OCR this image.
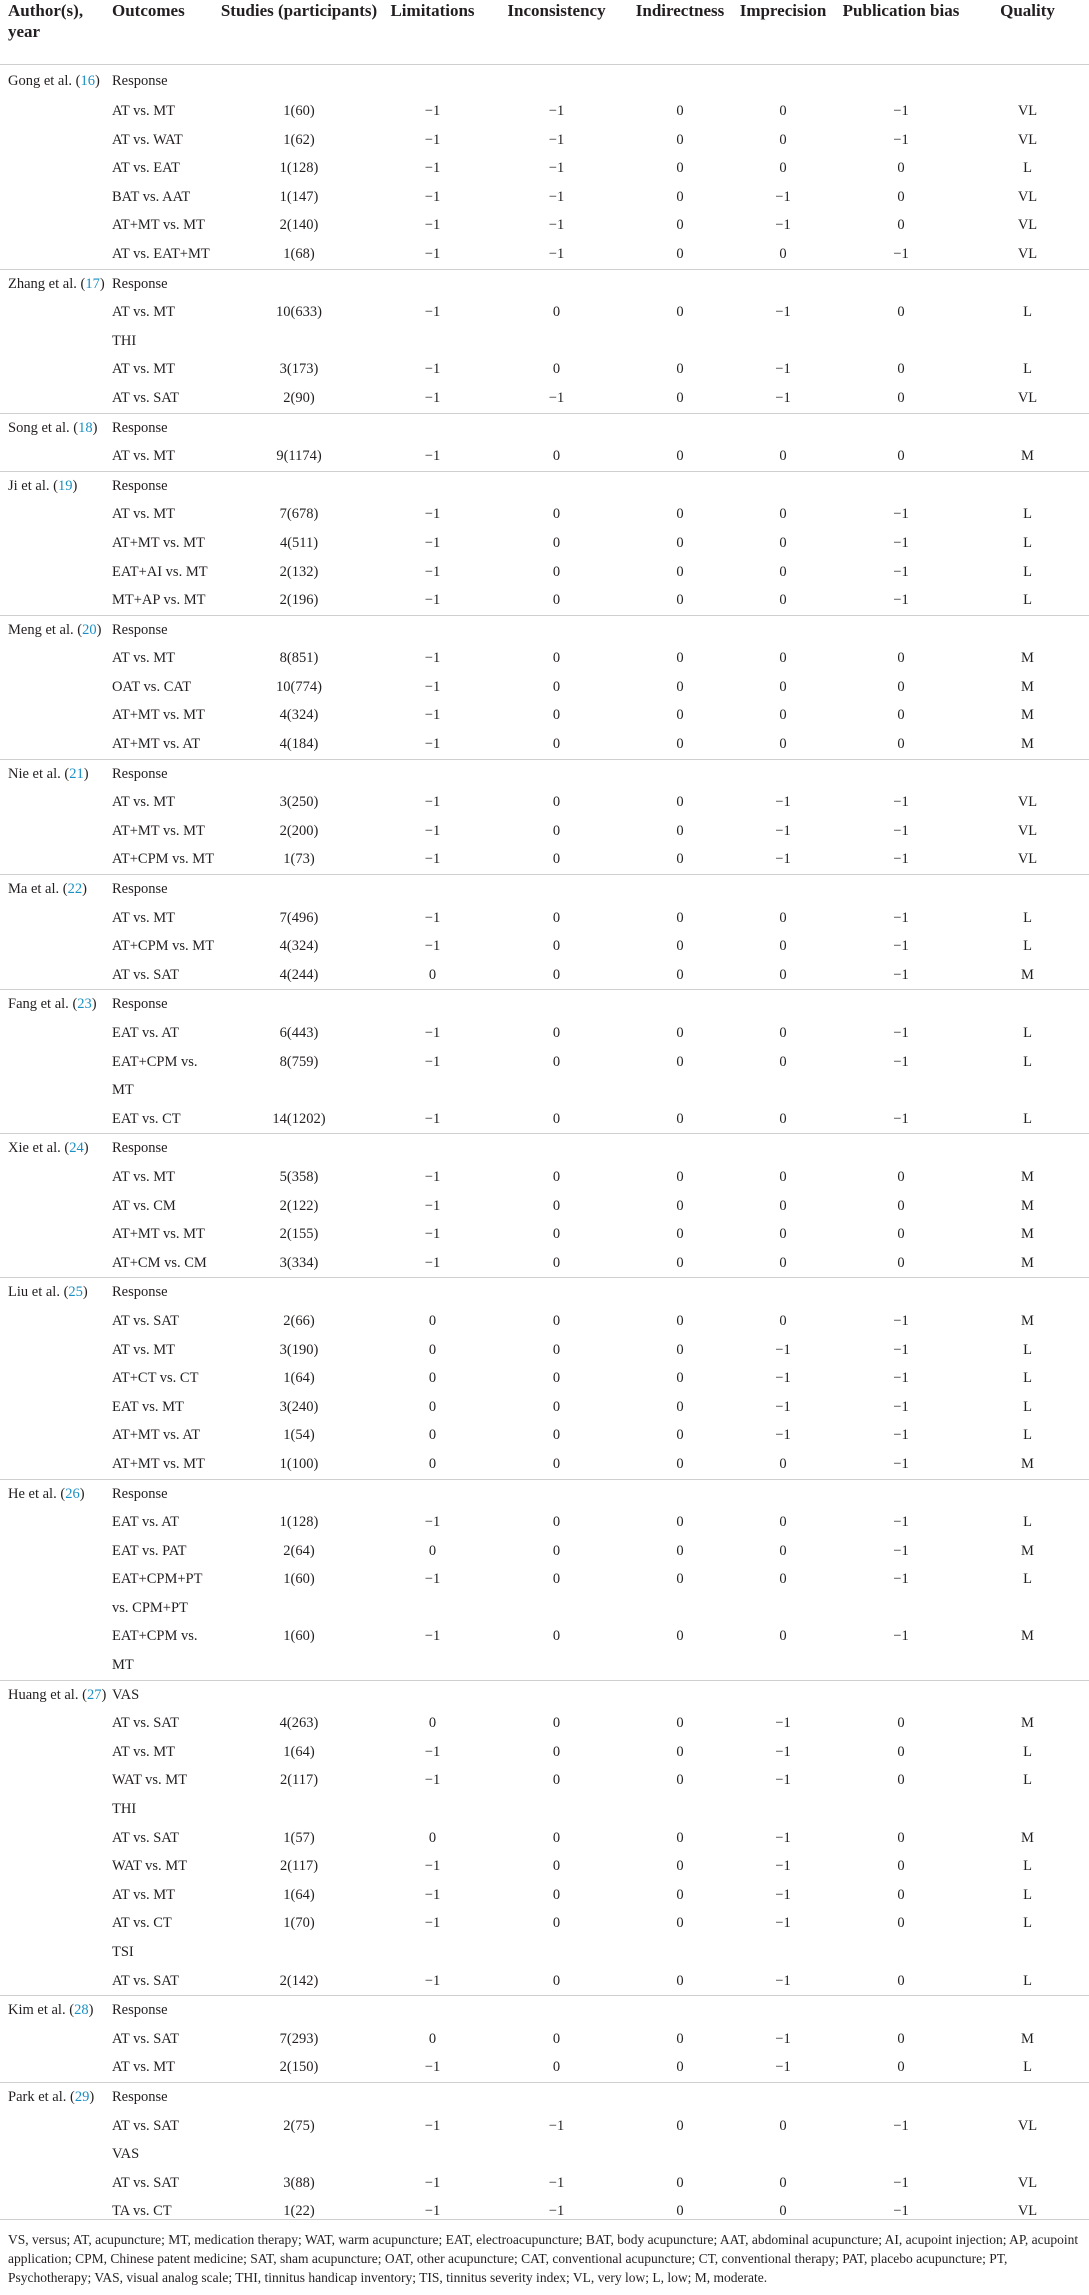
Author(s), year	Outcomes	Studies (participants)	Limitations	Inconsistency	Indirectness	Imprecision	Publication bias	Quality
Gong et al. (16)	Response							
	AT vs. MT	1(60)	−1	−1	0	0	−1	VL
	AT vs. WAT	1(62)	−1	−1	0	0	−1	VL
	AT vs. EAT	1(128)	−1	−1	0	0	0	L
	BAT vs. AAT	1(147)	−1	−1	0	−1	0	VL
	AT+MT vs. MT	2(140)	−1	−1	0	−1	0	VL
	AT vs. EAT+MT	1(68)	−1	−1	0	0	−1	VL
Zhang et al. (17)	Response							
	AT vs. MT	10(633)	−1	0	0	−1	0	L
	THI							
	AT vs. MT	3(173)	−1	0	0	−1	0	L
	AT vs. SAT	2(90)	−1	−1	0	−1	0	VL
Song et al. (18)	Response							
	AT vs. MT	9(1174)	−1	0	0	0	0	M
Ji et al. (19)	Response							
	AT vs. MT	7(678)	−1	0	0	0	−1	L
	AT+MT vs. MT	4(511)	−1	0	0	0	−1	L
	EAT+AI vs. MT	2(132)	−1	0	0	0	−1	L
	MT+AP vs. MT	2(196)	−1	0	0	0	−1	L
Meng et al. (20)	Response							
	AT vs. MT	8(851)	−1	0	0	0	0	M
	OAT vs. CAT	10(774)	−1	0	0	0	0	M
	AT+MT vs. MT	4(324)	−1	0	0	0	0	M
	AT+MT vs. AT	4(184)	−1	0	0	0	0	M
Nie et al. (21)	Response							
	AT vs. MT	3(250)	−1	0	0	−1	−1	VL
	AT+MT vs. MT	2(200)	−1	0	0	−1	−1	VL
	AT+CPM vs. MT	1(73)	−1	0	0	−1	−1	VL
Ma et al. (22)	Response							
	AT vs. MT	7(496)	−1	0	0	0	−1	L
	AT+CPM vs. MT	4(324)	−1	0	0	0	−1	L
	AT vs. SAT	4(244)	0	0	0	0	−1	M
Fang et al. (23)	Response							
	EAT vs. AT	6(443)	−1	0	0	0	−1	L
	EAT+CPM vs.	8(759)	−1	0	0	0	−1	L
	MT							
	EAT vs. CT	14(1202)	−1	0	0	0	−1	L
Xie et al. (24)	Response							
	AT vs. MT	5(358)	−1	0	0	0	0	M
	AT vs. CM	2(122)	−1	0	0	0	0	M
	AT+MT vs. MT	2(155)	−1	0	0	0	0	M
	AT+CM vs. CM	3(334)	−1	0	0	0	0	M
Liu et al. (25)	Response							
	AT vs. SAT	2(66)	0	0	0	0	−1	M
	AT vs. MT	3(190)	0	0	0	−1	−1	L
	AT+CT vs. CT	1(64)	0	0	0	−1	−1	L
	EAT vs. MT	3(240)	0	0	0	−1	−1	L
	AT+MT vs. AT	1(54)	0	0	0	−1	−1	L
	AT+MT vs. MT	1(100)	0	0	0	0	−1	M
He et al. (26)	Response							
	EAT vs. AT	1(128)	−1	0	0	0	−1	L
	EAT vs. PAT	2(64)	0	0	0	0	−1	M
	EAT+CPM+PT	1(60)	−1	0	0	0	−1	L
	vs. CPM+PT							
	EAT+CPM vs.	1(60)	−1	0	0	0	−1	M
	MT							
Huang et al. (27)	VAS							
	AT vs. SAT	4(263)	0	0	0	−1	0	M
	AT vs. MT	1(64)	−1	0	0	−1	0	L
	WAT vs. MT	2(117)	−1	0	0	−1	0	L
	THI							
	AT vs. SAT	1(57)	0	0	0	−1	0	M
	WAT vs. MT	2(117)	−1	0	0	−1	0	L
	AT vs. MT	1(64)	−1	0	0	−1	0	L
	AT vs. CT	1(70)	−1	0	0	−1	0	L
	TSI							
	AT vs. SAT	2(142)	−1	0	0	−1	0	L
Kim et al. (28)	Response							
	AT vs. SAT	7(293)	0	0	0	−1	0	M
	AT vs. MT	2(150)	−1	0	0	−1	0	L
Park et al. (29)	Response							
	AT vs. SAT	2(75)	−1	−1	0	0	−1	VL
	VAS							
	AT vs. SAT	3(88)	−1	−1	0	0	−1	VL
	TA vs. CT	1(22)	−1	−1	0	0	−1	VL
VS, versus; AT, acupuncture; MT, medication therapy; WAT, warm acupuncture; EAT, electroacupuncture; BAT, body acupuncture; AAT, abdominal acupuncture; AI, acupoint injection; AP, acupoint application; CPM, Chinese patent medicine; SAT, sham acupuncture; OAT, other acupuncture; CAT, conventional acupuncture; CT, conventional therapy; PAT, placebo acupuncture; PT, Psychotherapy; VAS, visual analog scale; THI, tinnitus handicap inventory; TIS, tinnitus severity index; VL, very low; L, low; M, moderate.
